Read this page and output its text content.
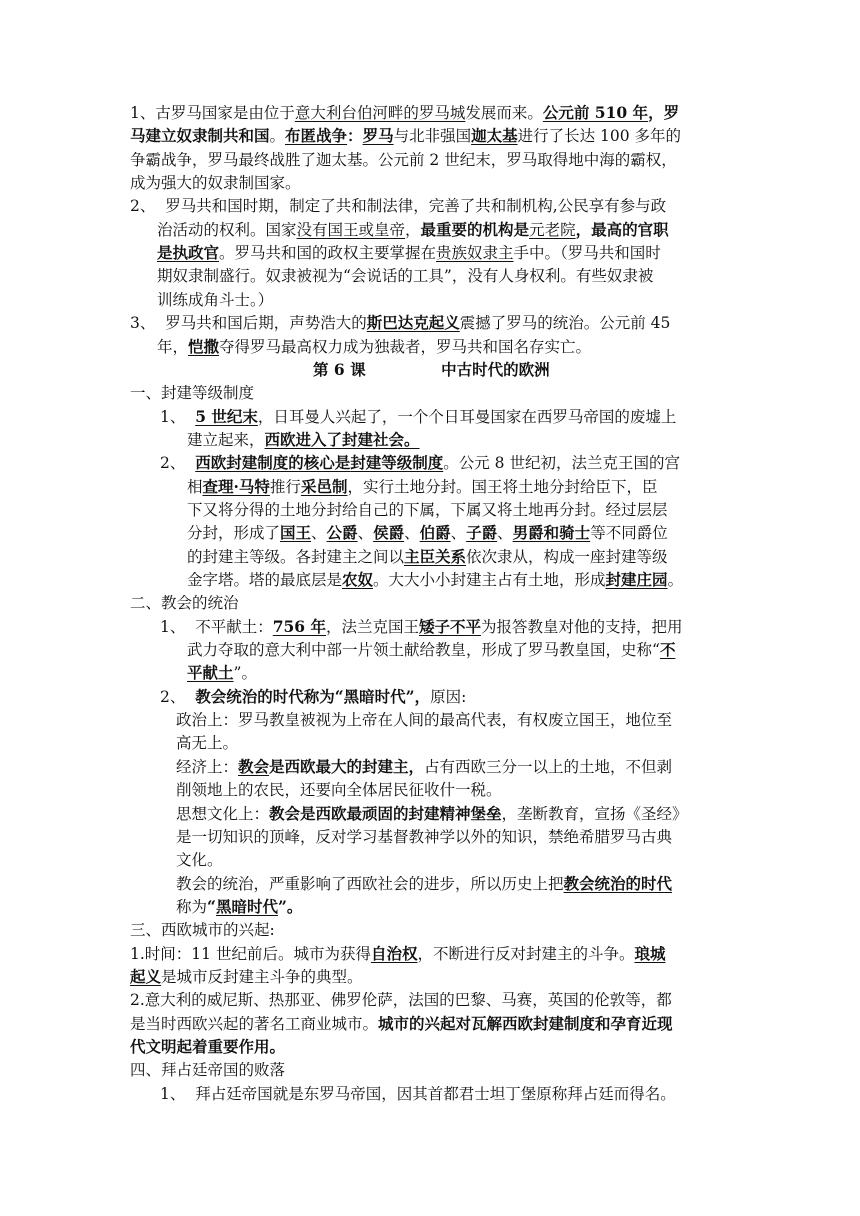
1、古罗马国家是由位于意大利台伯河畔的罗马城发展而来。公元前 510 年，罗
马建立奴隶制共和国。布匿战争：罗马与北非强国迦太基进行了长达 100 多年的
争霸战争，罗马最终战胜了迦太基。公元前 2 世纪末，罗马取得地中海的霸权，
成为强大的奴隶制国家。
2、  罗马共和国时期，制定了共和制法律，完善了共和制机构,公民享有参与政
治活动的权利。国家没有国王或皇帝，最重要的机构是元老院，最高的官职
是执政官。罗马共和国的政权主要掌握在贵族奴隶主手中。（罗马共和国时
期奴隶制盛行。奴隶被视为“会说话的工具”，没有人身权利。有些奴隶被
训练成角斗士。）
3、  罗马共和国后期，声势浩大的斯巴达克起义震撼了罗马的统治。公元前 45
年，恺撒夺得罗马最高权力成为独裁者，罗马共和国名存实亡。
第 6 课              中古时代的欧洲
一、封建等级制度
1、  5 世纪末，日耳曼人兴起了，一个个日耳曼国家在西罗马帝国的废墟上
建立起来，西欧进入了封建社会。
2、  西欧封建制度的核心是封建等级制度。公元 8 世纪初，法兰克王国的宫
相查理·马特推行采邑制，实行土地分封。国王将土地分封给臣下，臣
下又将分得的土地分封给自己的下属，下属又将土地再分封。经过层层
分封，形成了国王、公爵、侯爵、伯爵、子爵、男爵和骑士等不同爵位
的封建主等级。各封建主之间以主臣关系依次隶从，构成一座封建等级
金字塔。塔的最底层是农奴。大大小小封建主占有土地，形成封建庄园。
二、教会的统治
1、  不平献土：756 年，法兰克国王矮子不平为报答教皇对他的支持，把用
武力夺取的意大利中部一片领土献给教皇，形成了罗马教皇国，史称“不
平献土”。
2、  教会统治的时代称为“黑暗时代”，原因:
政治上：罗马教皇被视为上帝在人间的最高代表，有权废立国王，地位至
高无上。
经济上：教会是西欧最大的封建主，占有西欧三分一以上的土地，不但剥
削领地上的农民，还要向全体居民征收什一税。
思想文化上：教会是西欧最顽固的封建精神堡垒，垄断教育，宣扬《圣经》
是一切知识的顶峰，反对学习基督教神学以外的知识，禁绝希腊罗马古典
文化。
教会的统治，严重影响了西欧社会的进步，所以历史上把教会统治的时代
称为“黑暗时代”。
三、西欧城市的兴起:
1.时间：11 世纪前后。城市为获得自治权，不断进行反对封建主的斗争。琅城
起义是城市反封建主斗争的典型。
2.意大利的威尼斯、热那亚、佛罗伦萨，法国的巴黎、马赛，英国的伦敦等，都
是当时西欧兴起的著名工商业城市。城市的兴起对瓦解西欧封建制度和孕育近现
代文明起着重要作用。
四、拜占廷帝国的败落
1、  拜占廷帝国就是东罗马帝国，因其首都君士坦丁堡原称拜占廷而得名。
